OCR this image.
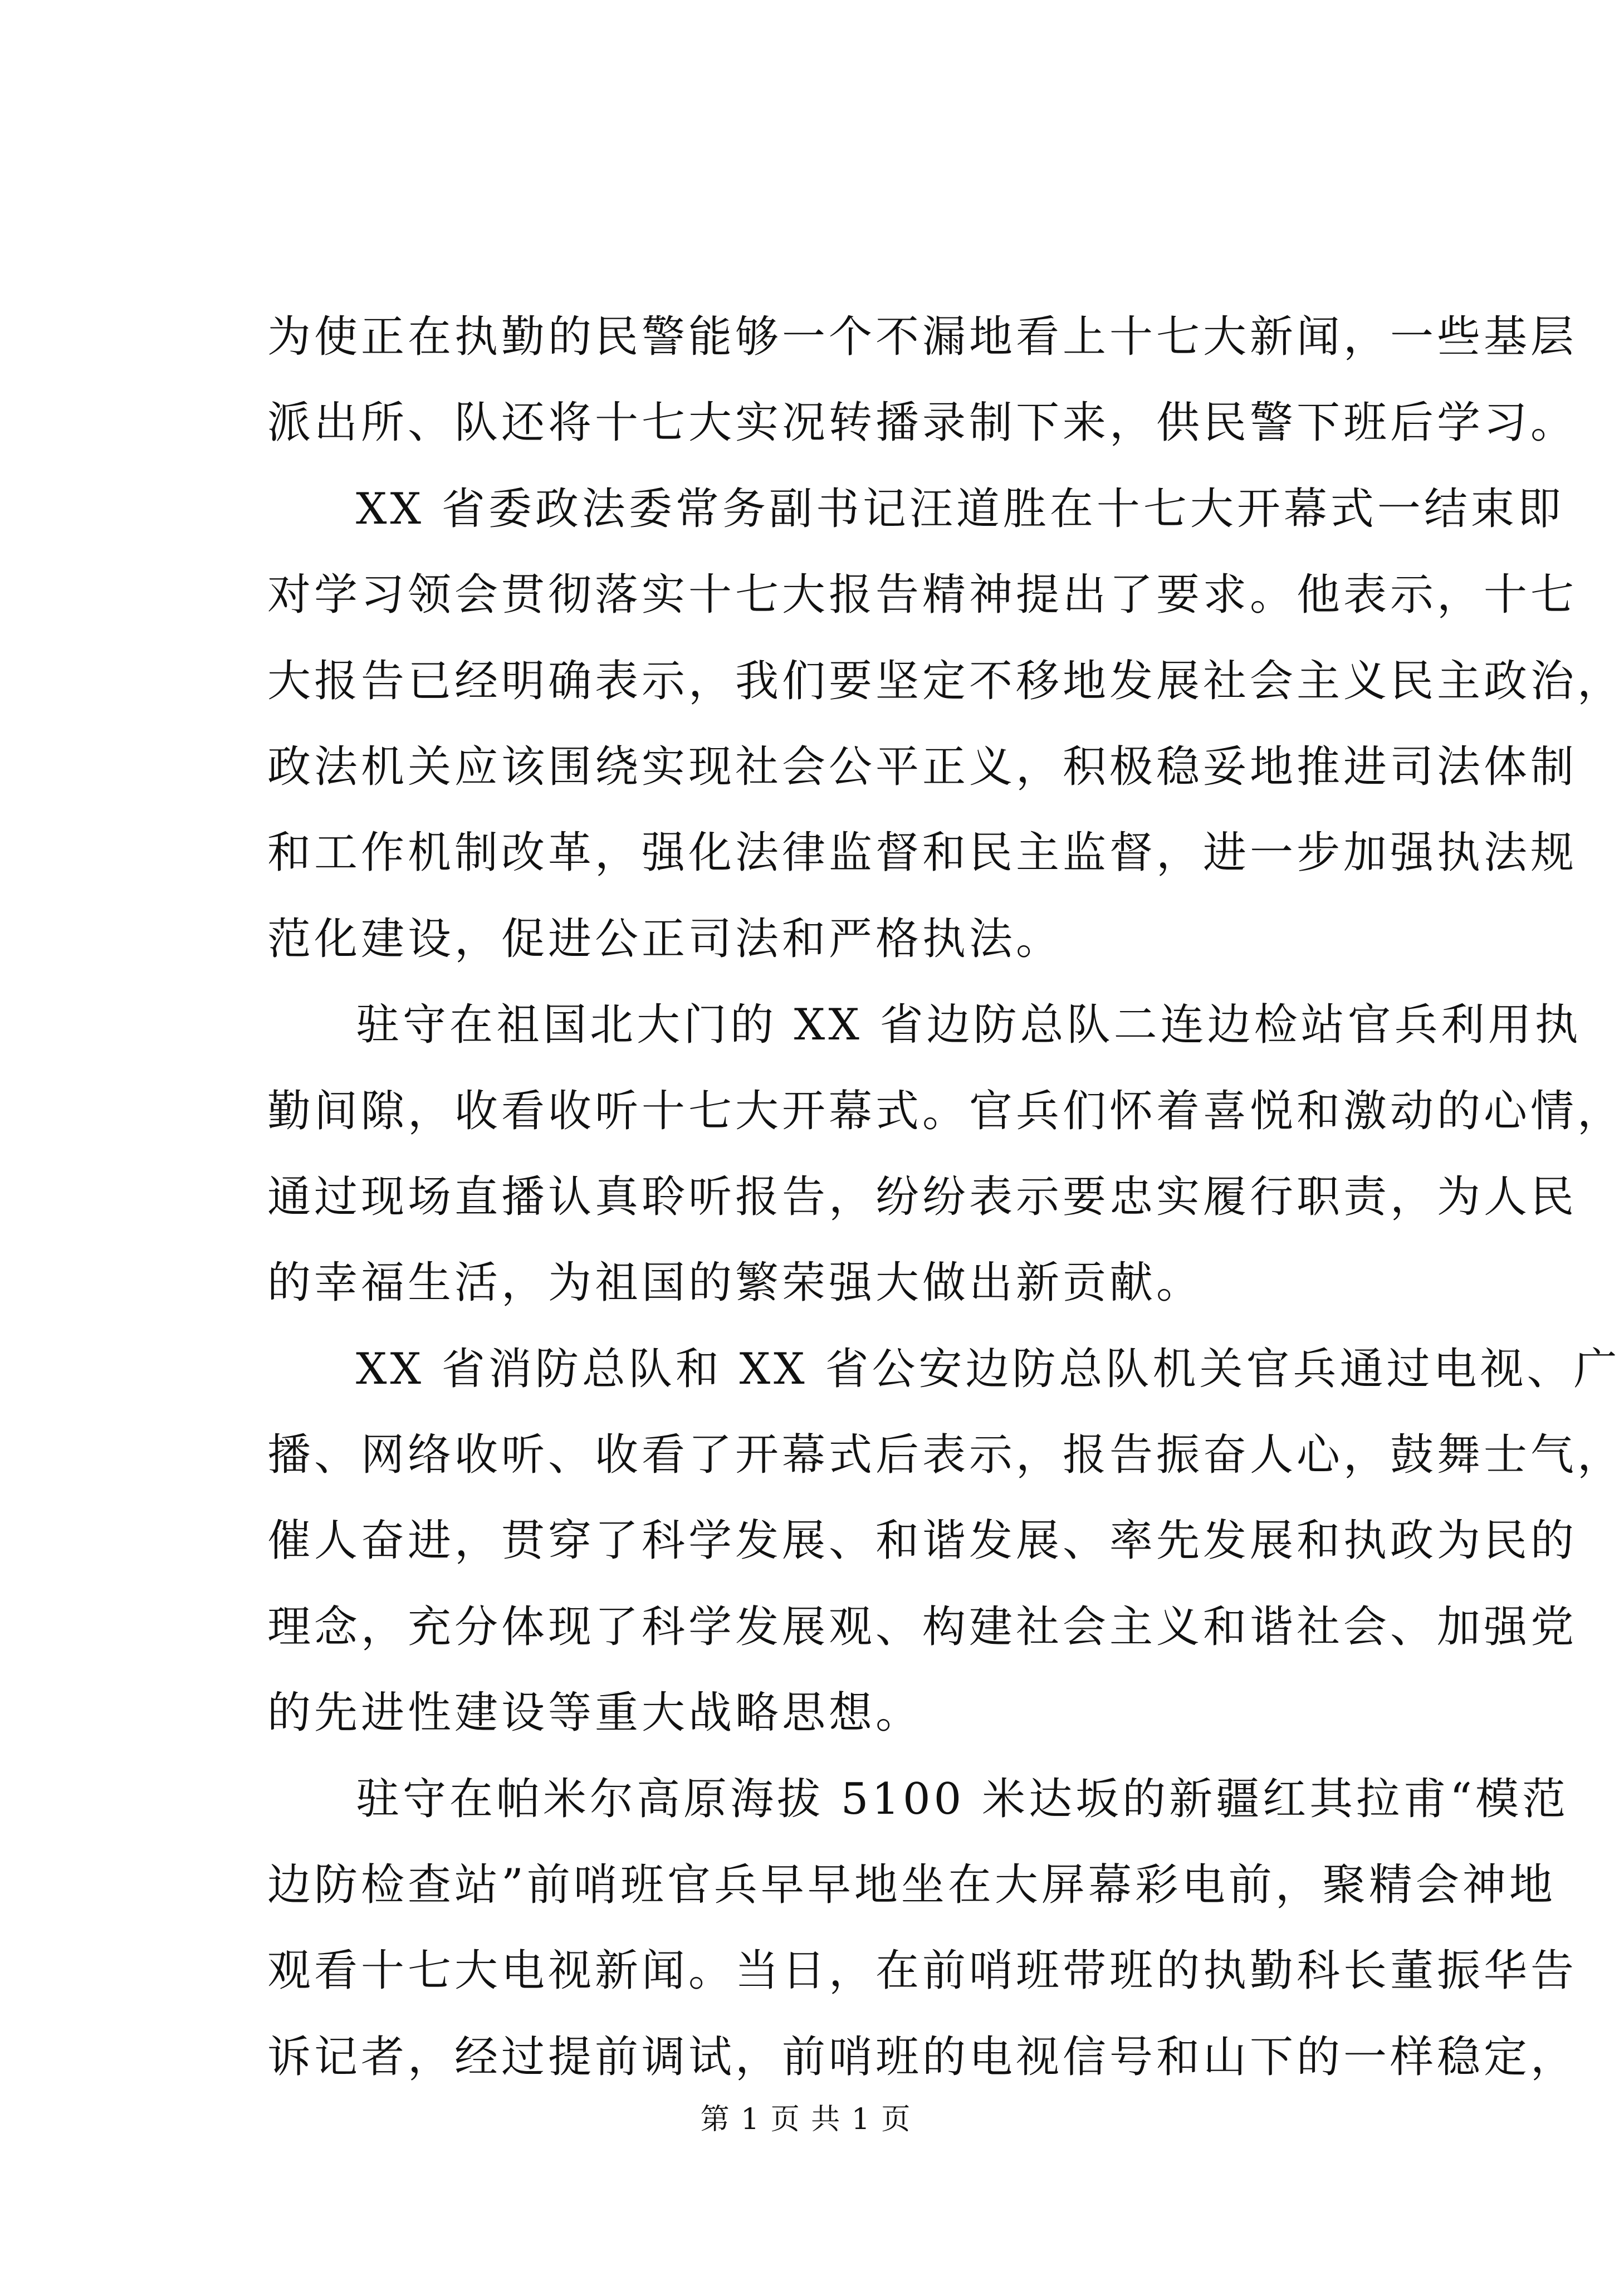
为使正在执勤的民警能够一个不漏地看上十七大新闻，一些基层
派出所、队还将十七大实况转播录制下来，供民警下班后学习。
XX 省委政法委常务副书记汪道胜在十七大开幕式一结束即
对学习领会贯彻落实十七大报告精神提出了要求。他表示，十七
大报告已经明确表示，我们要坚定不移地发展社会主义民主政治，
政法机关应该围绕实现社会公平正义，积极稳妥地推进司法体制
和工作机制改革，强化法律监督和民主监督，进一步加强执法规
范化建设，促进公正司法和严格执法。
驻守在祖国北大门的 XX 省边防总队二连边检站官兵利用执
勤间隙，收看收听十七大开幕式。官兵们怀着喜悦和激动的心情，
通过现场直播认真聆听报告，纷纷表示要忠实履行职责，为人民
的幸福生活，为祖国的繁荣强大做出新贡献。
XX 省消防总队和 XX 省公安边防总队机关官兵通过电视、广
播、网络收听、收看了开幕式后表示，报告振奋人心，鼓舞士气，
催人奋进，贯穿了科学发展、和谐发展、率先发展和执政为民的
理念，充分体现了科学发展观、构建社会主义和谐社会、加强党
的先进性建设等重大战略思想。
驻守在帕米尔高原海拔 5100 米达坂的新疆红其拉甫“模范
边防检查站”前哨班官兵早早地坐在大屏幕彩电前，聚精会神地
观看十七大电视新闻。当日，在前哨班带班的执勤科长董振华告
诉记者，经过提前调试，前哨班的电视信号和山下的一样稳定，
第 1 页 共 1 页
